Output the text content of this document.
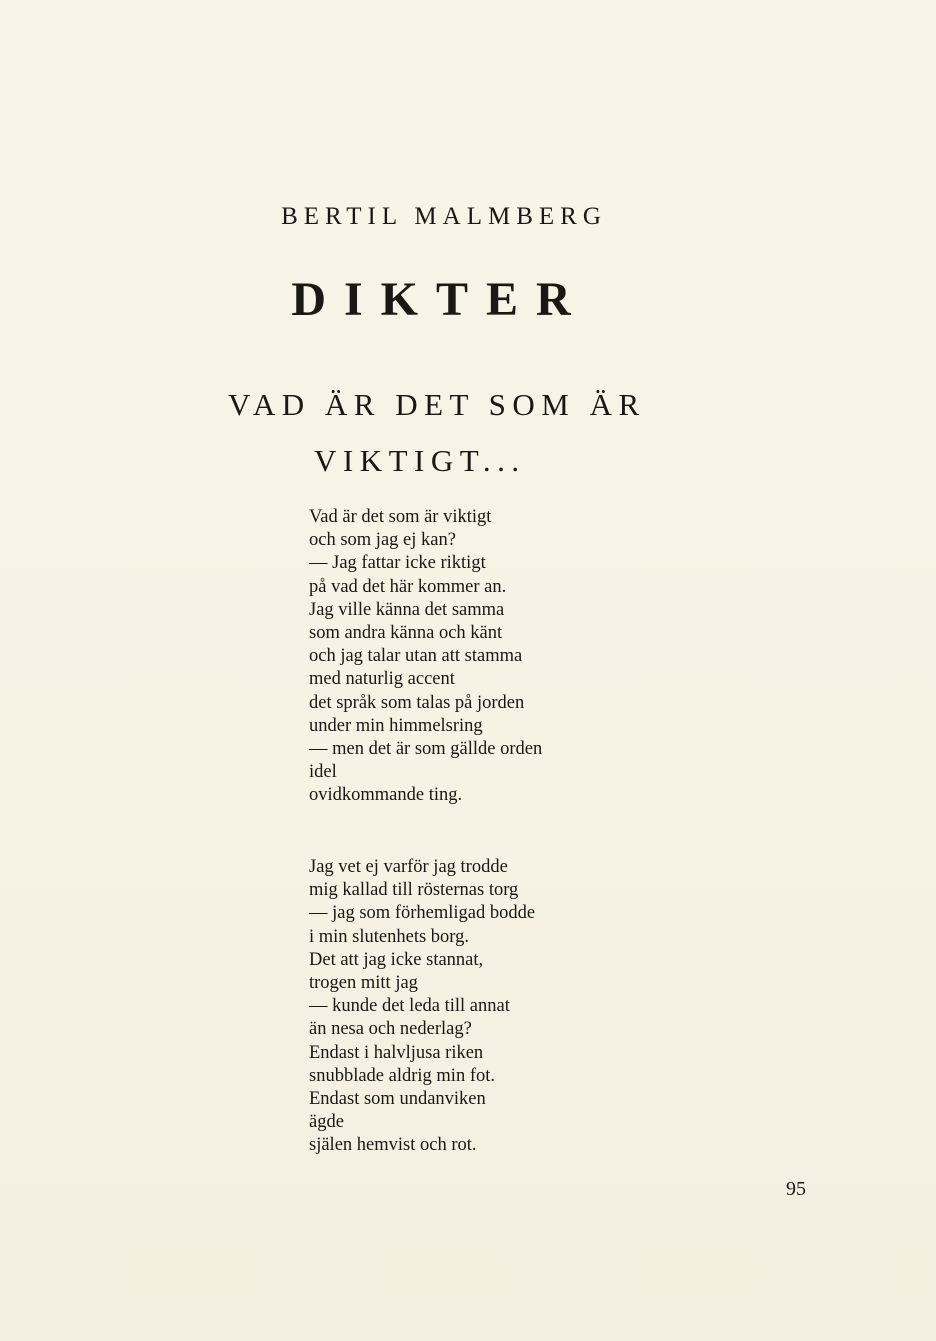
BERTIL MALMBERG
DIKTER
VAD ÄR DET SOM ÄR
VIKTIGT...
Vad är det som är viktigt
och som jag ej kan?
— Jag fattar icke riktigt
på vad det här kommer an.
Jag ville känna det samma
som andra känna och känt
och jag talar utan att stamma
med naturlig accent
det språk som talas på jorden
under min himmelsring
— men det är som gällde orden
idel
ovidkommande ting.
Jag vet ej varför jag trodde
mig kallad till rösternas torg
— jag som förhemligad bodde
i min slutenhets borg.
Det att jag icke stannat,
trogen mitt jag
— kunde det leda till annat
än nesa och nederlag?
Endast i halvljusa riken
snubblade aldrig min fot.
Endast som undanviken
ägde
själen hemvist och rot.
95
